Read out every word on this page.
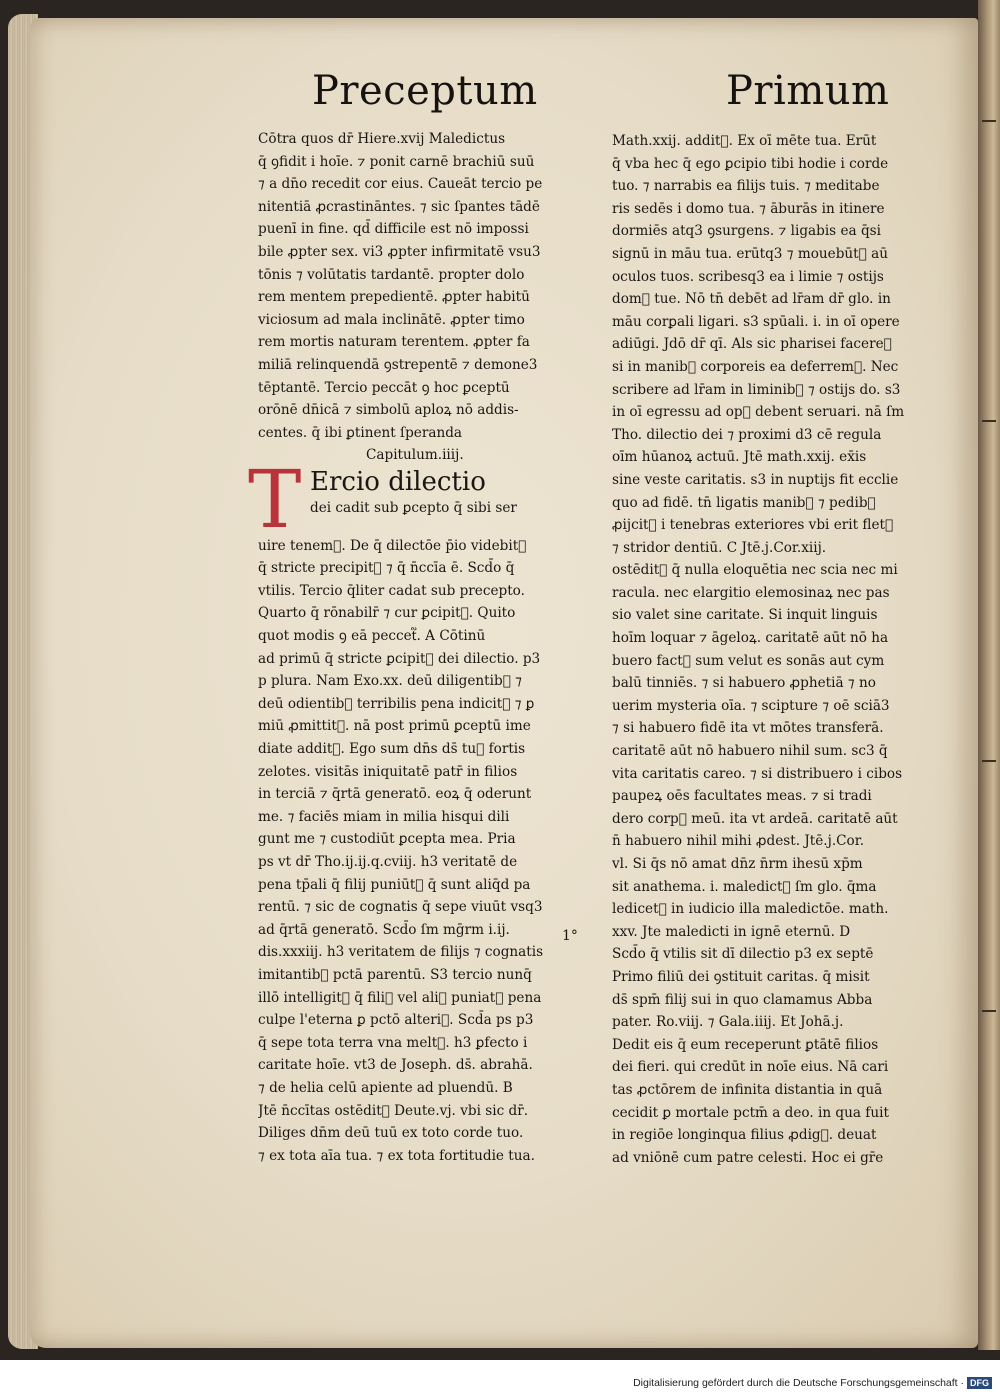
Preceptum	Primum
Cōtra quos dr̄ Hiere.xvij Maledictus
q̄ ꝯfidit i hoīe. ⁊ ponit carnē brachiū suū
⁊ a dn̄o recedit cor eius. Caueāt tercio pe
nitentiā ꝓcrastināntes. ⁊ sic ſpantes tādē
puenī in fine. qd̄ difficile est nō impossi
bile ꝓpter sex. vi3 ꝓpter infirmitatē vsu3
tōnis ⁊ volūtatis tardantē. propter dolo
rem mentem prepedientē. ꝓpter habitū
viciosum ad mala inclinātē. ꝓpter timo
rem mortis naturam terentem. ꝓpter fa
miliā relinquendā ꝯstrepentē ⁊ demone3
tēptantē. Tercio peccāt ꝯ hoc ꝑceptū
orōnē dn̄icā ⁊ simbolū aploꝝ nō addis-
centes. q̄ ibi ꝑtinent ſperanda
Capitulum.iiij.
T Ercio dilectio
dei cadit sub ꝑcepto q̄ sibi ser
uire tenem᷑. De q̄ dilectōe p̄io videbit᷑
q̄ stricte precipit᷑ ⁊ q̄ n̄ccīa ē. Scd̄o q̄
vtilis. Tercio q̄liter cadat sub precepto.
Quarto q̄ rōnabilr̄ ⁊ cur ꝑcipit᷑. Quito
quot modis ꝯ eā peccet᷑. A Cōtinū
ad primū q̄ stricte ꝑcipit᷑ dei dilectio. p3
p plura. Nam Exo.xx. deū diligentib᷒ ⁊
deū odientib᷒ terribilis pena indicit᷑ ⁊ ꝑ
miū ꝓmittit᷑. nā post primū ꝑceptū ime
diate addit᷑. Ego sum dn̄s ds̄ tu᷒ fortis
zelotes. visitās iniquitatē patr̄ in filios
in terciā ⁊ q̄rtā generatō. eoꝝ q̄ oderunt
me. ⁊ faciēs miam in milia hisqui dili
gunt me ⁊ custodiūt ꝑcepta mea. Pria
ps vt dr̄ Tho.ij.ij.q.cviij. h3 veritatē de
pena tp̄ali q̄ filij puniūt᷑ q̄ sunt aliq̄d pa
rentū. ⁊ sic de cognatis q̄ sepe viuūt vsq3
ad q̄rtā generatō. Scd̄o ſm mḡrm i.ij.
dis.xxxiij. h3 veritatem de filijs ⁊ cognatis
imitantib᷒ pctā parentū. S3 tercio nunq̄
illō intelligit᷑ q̄ fili᷒ vel ali᷒ puniat᷑ pena
culpe l'eterna ꝑ pctō alteri᷒. Scd̄a ps p3
q̄ sepe tota terra vna melt᷑. h3 ꝑfecto i
caritate hoīe. vt3 de Joseph. ds̄. abrahā.
⁊ de helia celū apiente ad pluendū. B
Jtē n̄ccītas ostēdit᷑ Deute.vj. vbi sic dr̄.
Diliges dn̄m deū tuū ex toto corde tuo.
⁊ ex tota aīa tua. ⁊ ex tota fortitudie tua.
Math.xxij. addit᷑. Ex oī mēte tua. Erūt
q̄ vba hec q̄ ego ꝑcipio tibi hodie i corde
tuo. ⁊ narrabis ea filijs tuis. ⁊ meditabe
ris sedēs i domo tua. ⁊ āburās in itinere
dormiēs atq3 ꝯsurgens. ⁊ ligabis ea q̄si
signū in māu tua. erūtq3 ⁊ mouebūt᷑ aū
oculos tuos. scribesq3 ea i limie ⁊ ostijs
dom᷒ tue. Nō tn̄ debēt ad lr̄am dr̄ glo. in
māu corꝑali ligari. s3 spūali. i. in oī opere
adiūgi. Jdō dr̄ qī. Als sic pharisei facere᷑
si in manib᷒ corporeis ea deferrem᷒. Nec
scribere ad lr̄am in liminib᷒ ⁊ ostijs do. s3
in oī egressu ad op᷒ debent seruari. nā ſm
Tho. dilectio dei ⁊ proximi d3 cē regula
oīm hūanoꝝ actuū. Jtē math.xxij. ex̄is
sine veste caritatis. s3 in nuptijs fit ecclie
quo ad fidē. tn̄ ligatis manib᷒ ⁊ pedib᷒
ꝓijcit᷑ i tenebras exteriores vbi erit flet᷒
⁊ stridor dentiū. C Jtē.j.Cor.xiij.
ostēdit᷑ q̄ nulla eloquētia nec scia nec mi
racula. nec elargitio elemosinaꝝ nec pas
sio valet sine caritate. Si inquit linguis
hoīm loquar ⁊ āgeloꝝ. caritatē aūt nō ha
buero fact᷒ sum velut es sonās aut cym
balū tinniēs. ⁊ si habuero ꝓphetiā ⁊ no
uerim mysteria oīa. ⁊ scipture ⁊ oē sciā3
⁊ si habuero fidē ita vt mōtes transferā.
caritatē aūt nō habuero nihil sum. sc3 q̄
vita caritatis careo. ⁊ si distribuero i cibos
paupeꝝ oēs facultates meas. ⁊ si tradi
dero corp᷒ meū. ita vt ardeā. caritatē aūt
n̄ habuero nihil mihi ꝓdest. Jtē.j.Cor.
vl. Si q̄s nō amat dn̄z n̄rm ihesū xp̄m
sit anathema. i. maledict᷒ ſm glo. q̄ma
ledicet᷑ in iudicio illa maledictōe. math.
xxv. Jte maledicti in ignē eternū. D
Scd̄o q̄ vtilis sit dī dilectio p3 ex septē
Primo filiū dei ꝯstituit caritas. q̄ misit
ds̄ spm̄ filij sui in quo clamamus Abba
pater. Ro.viij. ⁊ Gala.iiij. Et Johā.j.
Dedit eis q̄ eum receperunt ꝑtātē filios
dei fieri. qui credūt in noīe eius. Nā cari
tas ꝓctōrem de infinita distantia in quā
cecidit ꝑ mortale pctm̄ a deo. in qua fuit
in regiōe longinqua filius ꝓdig᷒. deuat
ad vniōnē cum patre celesti. Hoc ei gr̄e
1°
Digitalisierung gefördert durch die Deutsche Forschungsgemeinschaft · DFG
